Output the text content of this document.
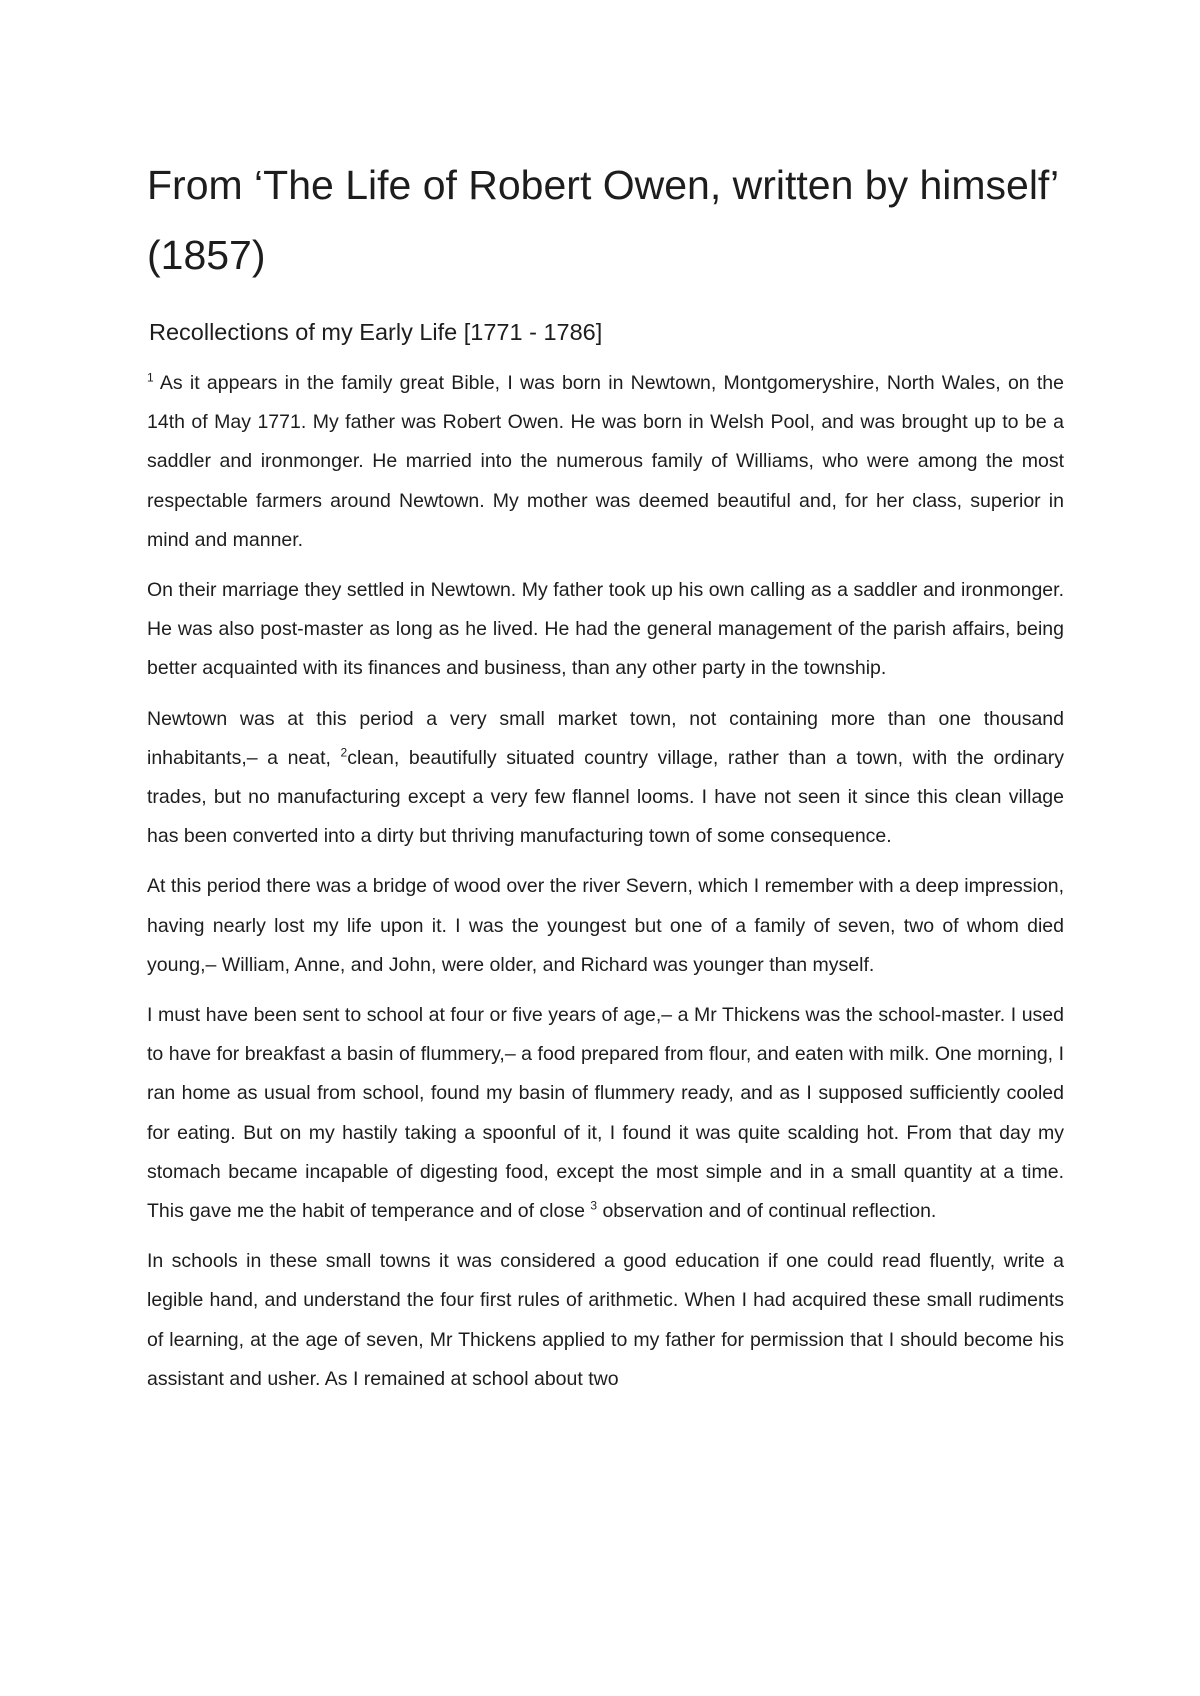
From ‘The Life of Robert Owen, written by himself’ (1857)
Recollections of my Early Life [1771 - 1786]

$^1$ As it appears in the family great Bible, I was born in Newtown, Montgomeryshire, North Wales, on the 14th of May 1771. My father was Robert Owen. He was born in Welsh Pool, and was brought up to be a saddler and ironmonger. He married into the numerous family of Williams, who were among the most respectable farmers around Newtown. My mother was deemed beautiful and, for her class, superior in mind and manner.

On their marriage they settled in Newtown. My father took up his own calling as a saddler and ironmonger. He was also post-master as long as he lived. He had the general management of the parish affairs, being better acquainted with its finances and business, than any other party in the township.

Newtown was at this period a very small market town, not containing more than one thousand inhabitants,– a neat, $^2$clean, beautifully situated country village, rather than a town, with the ordinary trades, but no manufacturing except a very few flannel looms. I have not seen it since this clean village has been converted into a dirty but thriving manufacturing town of some consequence.

At this period there was a bridge of wood over the river Severn, which I remember with a deep impression, having nearly lost my life upon it. I was the youngest but one of a family of seven, two of whom died young,– William, Anne, and John, were older, and Richard was younger than myself.

I must have been sent to school at four or five years of age,– a Mr Thickens was the school-master. I used to have for breakfast a basin of flummery,– a food prepared from flour, and eaten with milk. One morning, I ran home as usual from school, found my basin of flummery ready, and as I supposed sufficiently cooled for eating. But on my hastily taking a spoonful of it, I found it was quite scalding hot. From that day my stomach became incapable of digesting food, except the most simple and in a small quantity at a time. This gave me the habit of temperance and of close $^3$ observation and of continual reflection.

In schools in these small towns it was considered a good education if one could read fluently, write a legible hand, and understand the four first rules of arithmetic. When I had acquired these small rudiments of learning, at the age of seven, Mr Thickens applied to my father for permission that I should become his assistant and usher. As I remained at school about two
